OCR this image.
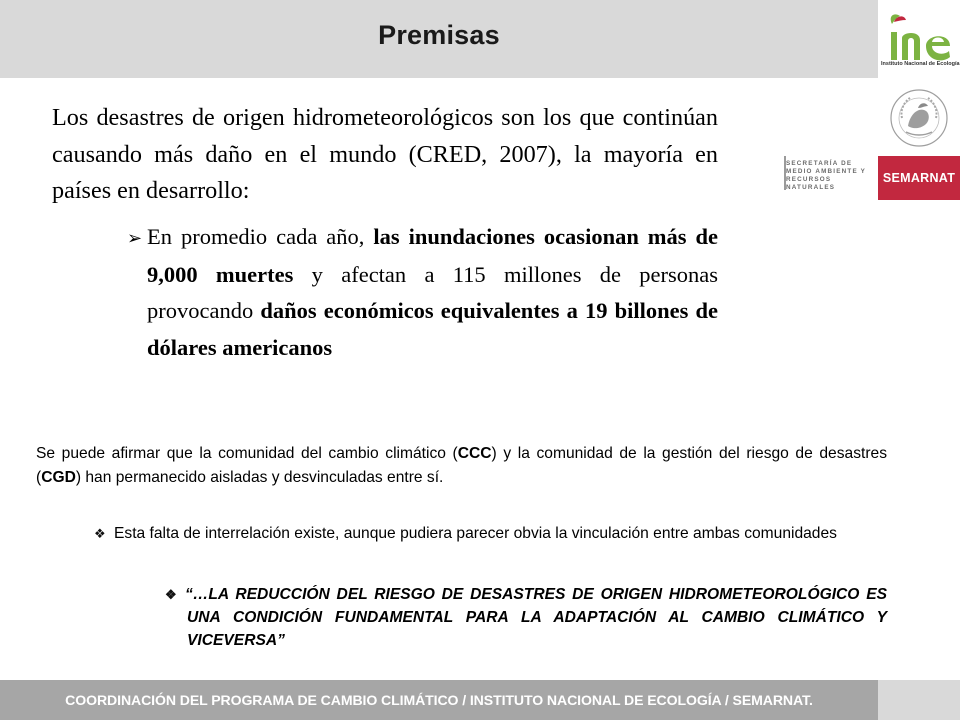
Premisas
Instituto Nacional de Ecología
SECRETARÍA DE
MEDIO AMBIENTE Y
RECURSOS NATURALES
SEMARNAT
Los desastres de origen hidrometeorológicos son los que continúan causando más daño en el mundo (CRED, 2007), la mayoría en países en desarrollo:
➢ En promedio cada año, las inundaciones ocasionan más de 9,000 muertes y afectan a 115 millones de personas provocando daños económicos equivalentes a 19 billones de dólares americanos
Se puede afirmar que la comunidad del cambio climático (CCC) y la comunidad de la gestión del riesgo de desastres (CGD) han permanecido aisladas y desvinculadas entre sí.
❖ Esta falta de interrelación existe, aunque pudiera parecer obvia la vinculación entre ambas comunidades
❖ “…LA REDUCCIÓN DEL RIESGO DE DESASTRES DE ORIGEN HIDROMETEOROLÓGICO ES UNA CONDICIÓN FUNDAMENTAL PARA LA ADAPTACIÓN AL CAMBIO CLIMÁTICO Y VICEVERSA”
COORDINACIÓN DEL PROGRAMA DE CAMBIO CLIMÁTICO / INSTITUTO NACIONAL DE ECOLOGÍA / SEMARNAT.
